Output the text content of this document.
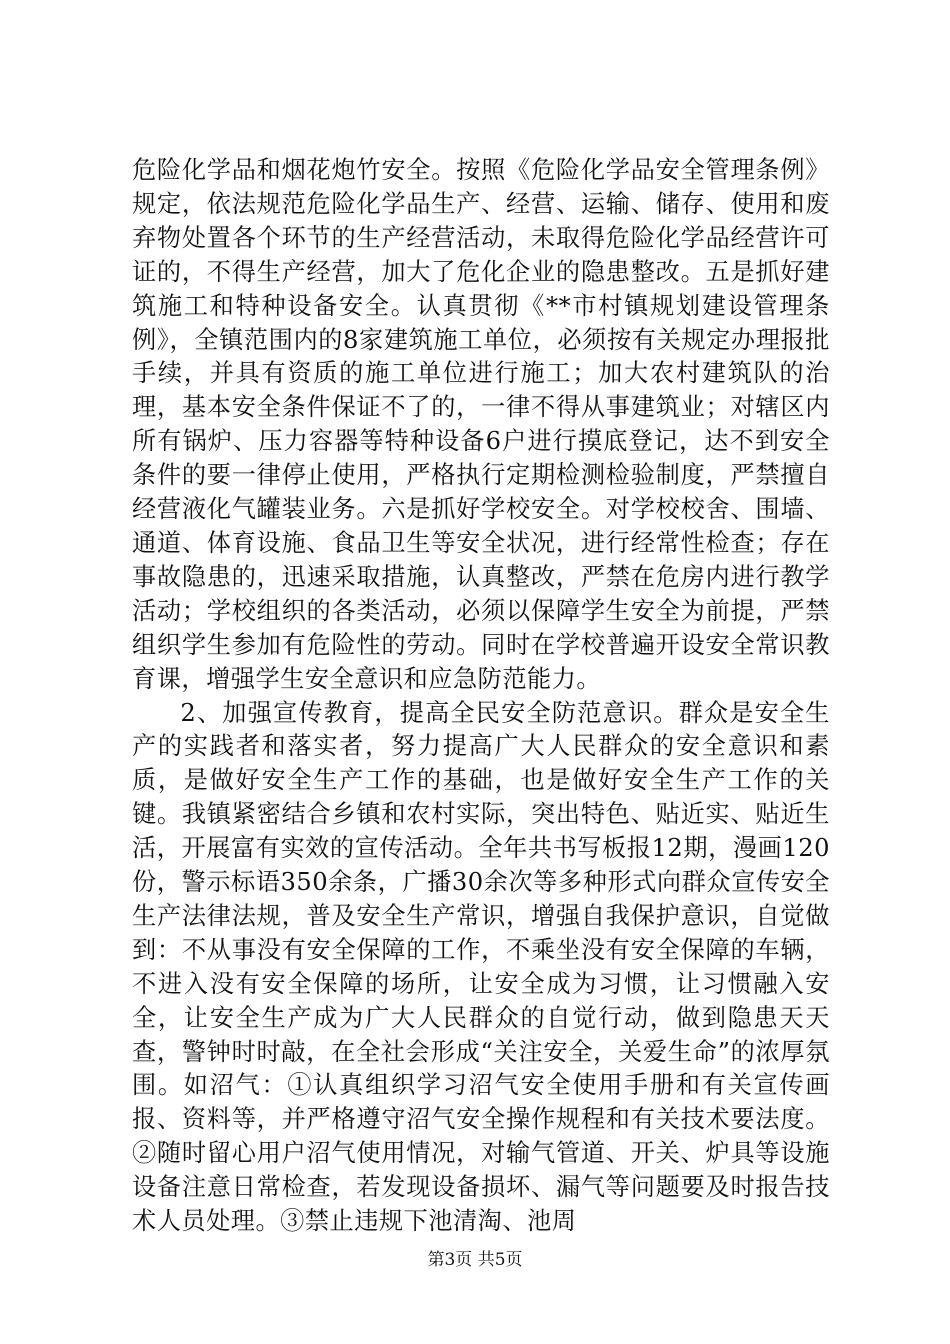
危险化学品和烟花炮竹安全。按照《危险化学品安全管理条例》规定，依法规范危险化学品生产、经营、运输、储存、使用和废弃物处置各个环节的生产经营活动，未取得危险化学品经营许可证的，不得生产经营，加大了危化企业的隐患整改。五是抓好建筑施工和特种设备安全。认真贯彻《**市村镇规划建设管理条例》，全镇范围内的8家建筑施工单位，必须按有关规定办理报批手续，并具有资质的施工单位进行施工；加大农村建筑队的治理，基本安全条件保证不了的，一律不得从事建筑业；对辖区内所有锅炉、压力容器等特种设备6户进行摸底登记，达不到安全条件的要一律停止使用，严格执行定期检测检验制度，严禁擅自经营液化气罐装业务。六是抓好学校安全。对学校校舍、围墙、通道、体育设施、食品卫生等安全状况，进行经常性检查；存在事故隐患的，迅速采取措施，认真整改，严禁在危房内进行教学活动；学校组织的各类活动，必须以保障学生安全为前提，严禁组织学生参加有危险性的劳动。同时在学校普遍开设安全常识教育课，增强学生安全意识和应急防范能力。

2、加强宣传教育，提高全民安全防范意识。群众是安全生产的实践者和落实者，努力提高广大人民群众的安全意识和素质，是做好安全生产工作的基础，也是做好安全生产工作的关键。我镇紧密结合乡镇和农村实际，突出特色、贴近实、贴近生活，开展富有实效的宣传活动。全年共书写板报12期，漫画120份，警示标语350余条，广播30余次等多种形式向群众宣传安全生产法律法规，普及安全生产常识，增强自我保护意识，自觉做到：不从事没有安全保障的工作，不乘坐没有安全保障的车辆，不进入没有安全保障的场所，让安全成为习惯，让习惯融入安全，让安全生产成为广大人民群众的自觉行动，做到隐患天天查，警钟时时敲，在全社会形成“关注安全，关爱生命”的浓厚氛围。如沼气：①认真组织学习沼气安全使用手册和有关宣传画报、资料等，并严格遵守沼气安全操作规程和有关技术要法度。②随时留心用户沼气使用情况，对输气管道、开关、炉具等设施设备注意日常检查，若发现设备损坏、漏气等问题要及时报告技术人员处理。③禁止违规下池清淘、池周

第3页 共5页
